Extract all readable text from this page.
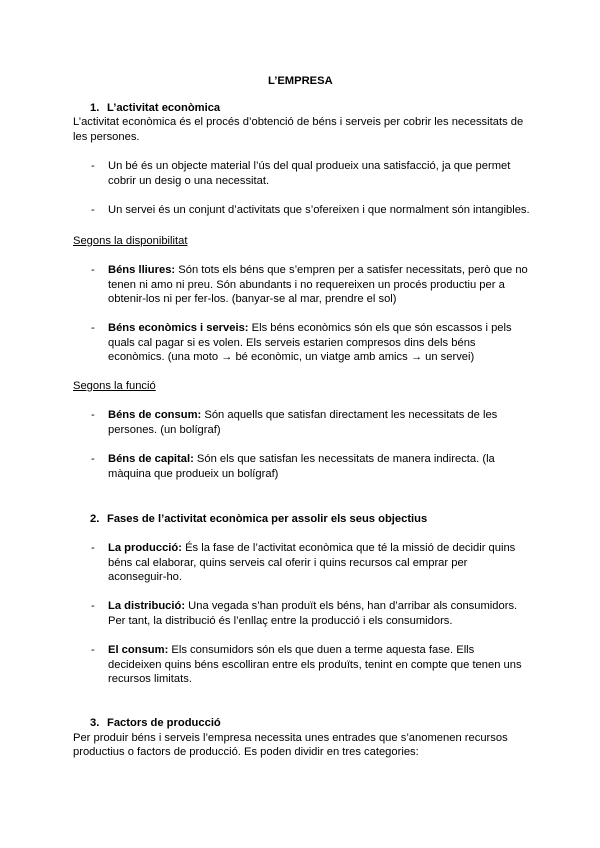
L’EMPRESA
1. L’activitat econòmica
L’activitat econòmica és el procés d’obtenció de béns i serveis per cobrir les necessitats de
les persones.
- Un bé és un objecte material l’ús del qual produeix una satisfacció, ja que permet
cobrir un desig o una necessitat.
- Un servei és un conjunt d’activitats que s’ofereixen i que normalment són intangibles.
Segons la disponibilitat
- Béns lliures: Són tots els béns que s’empren per a satisfer necessitats, però que no
tenen ni amo ni preu. Són abundants i no requereixen un procés productiu per a
obtenir-los ni per fer-los. (banyar-se al mar, prendre el sol)
- Béns econòmics i serveis: Els béns econòmics són els que són escassos i pels
quals cal pagar si es volen. Els serveis estarien compresos dins dels béns
econòmics. (una moto → bé econòmic, un viatge amb amics → un servei)
Segons la funció
- Béns de consum: Són aquells que satisfan directament les necessitats de les
persones. (un bolígraf)
- Béns de capital: Són els que satisfan les necessitats de manera indirecta. (la
màquina que produeix un bolígraf)
2. Fases de l’activitat econòmica per assolir els seus objectius
- La producció: És la fase de l’activitat econòmica que té la missió de decidir quins
béns cal elaborar, quins serveis cal oferir i quins recursos cal emprar per
aconseguir-ho.
- La distribució: Una vegada s’han produït els béns, han d’arribar als consumidors.
Per tant, la distribució és l’enllaç entre la producció i els consumidors.
- El consum: Els consumidors són els que duen a terme aquesta fase. Ells
decideixen quins béns escolliran entre els produïts, tenint en compte que tenen uns
recursos limitats.
3. Factors de producció
Per produir béns i serveis l’empresa necessita unes entrades que s’anomenen recursos
productius o factors de producció. Es poden dividir en tres categories:
